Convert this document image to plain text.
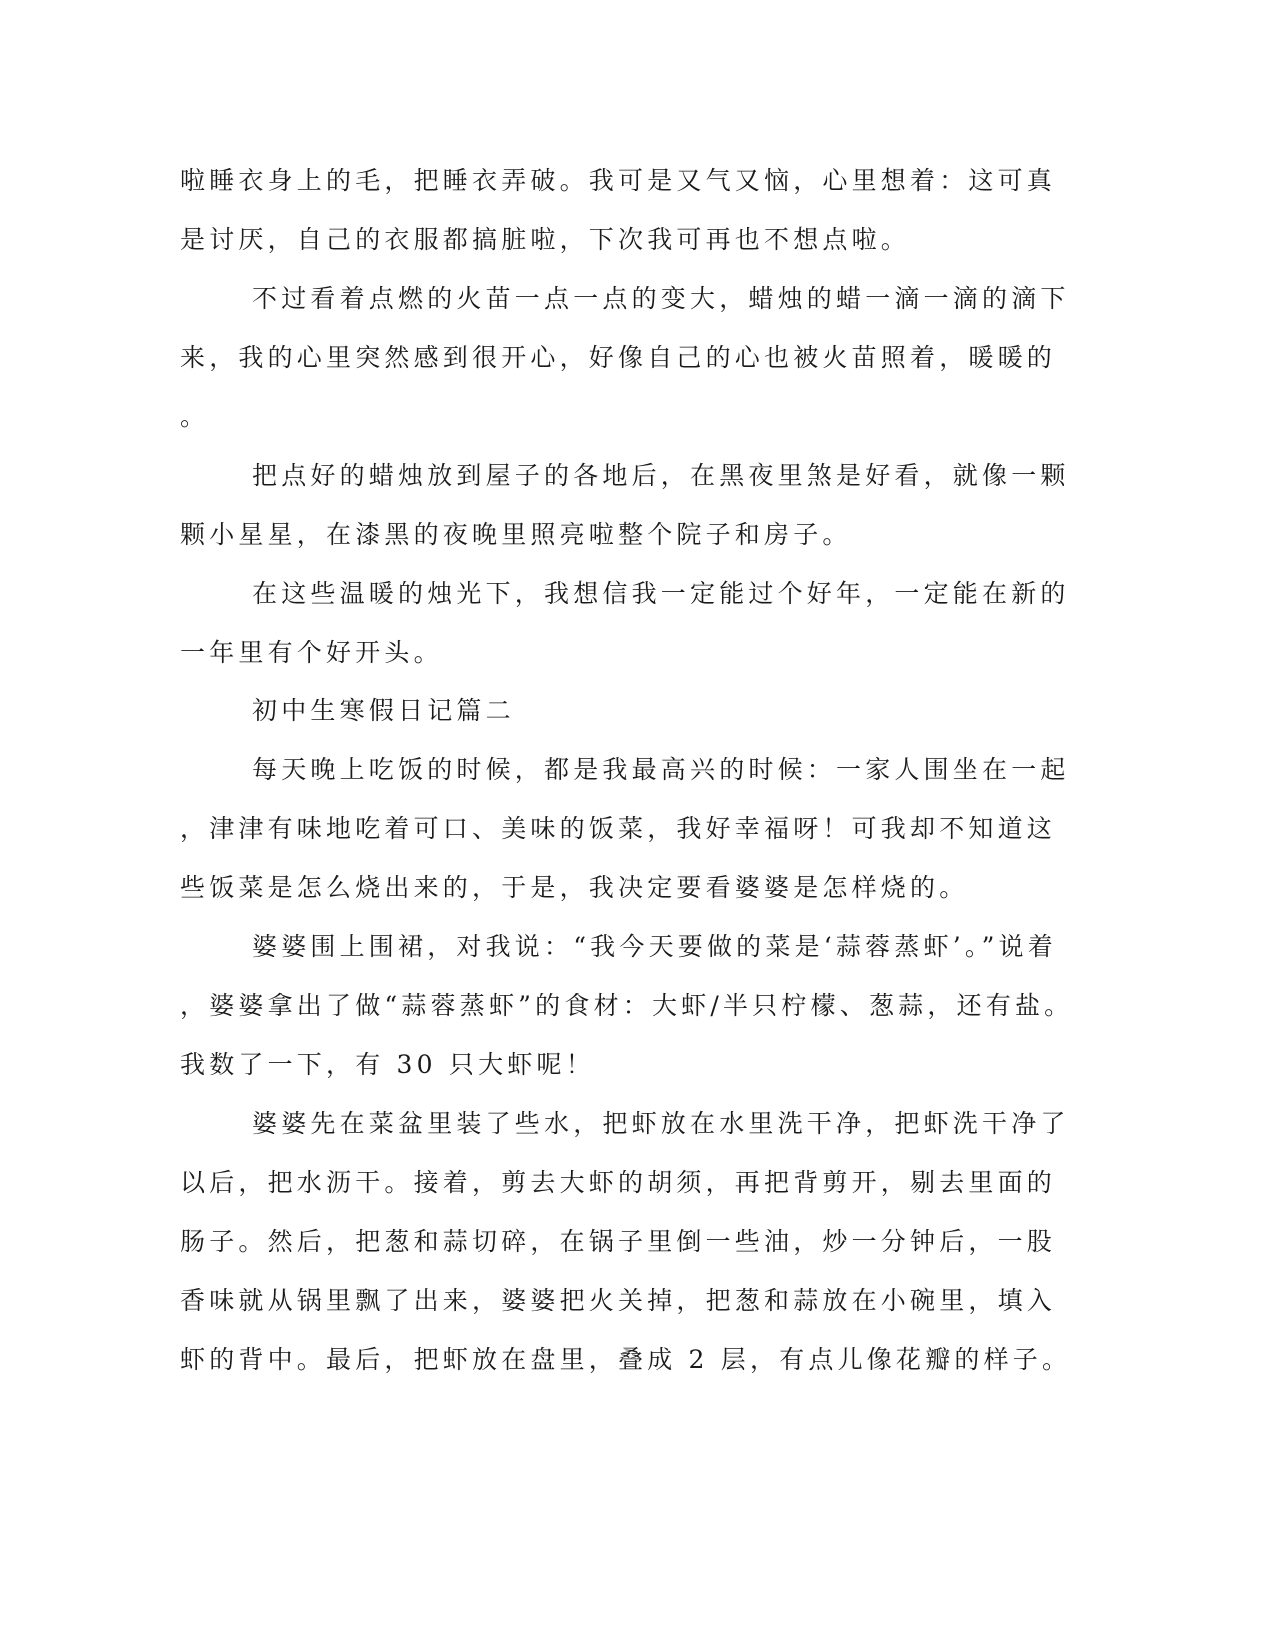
啦睡衣身上的毛，把睡衣弄破。我可是又气又恼，心里想着：这可真
是讨厌，自己的衣服都搞脏啦，下次我可再也不想点啦。
不过看着点燃的火苗一点一点的变大，蜡烛的蜡一滴一滴的滴下
来，我的心里突然感到很开心，好像自己的心也被火苗照着，暖暖的
。
把点好的蜡烛放到屋子的各地后，在黑夜里煞是好看，就像一颗
颗小星星，在漆黑的夜晚里照亮啦整个院子和房子。
在这些温暖的烛光下，我想信我一定能过个好年，一定能在新的
一年里有个好开头。
初中生寒假日记篇二
每天晚上吃饭的时候，都是我最高兴的时候：一家人围坐在一起
，津津有味地吃着可口、美味的饭菜，我好幸福呀！可我却不知道这
些饭菜是怎么烧出来的，于是，我决定要看婆婆是怎样烧的。
婆婆围上围裙，对我说：“我今天要做的菜是‘蒜蓉蒸虾’。”说着
，婆婆拿出了做“蒜蓉蒸虾”的食材：大虾/半只柠檬、葱蒜，还有盐。
我数了一下，有 30 只大虾呢！
婆婆先在菜盆里装了些水，把虾放在水里洗干净，把虾洗干净了
以后，把水沥干。接着，剪去大虾的胡须，再把背剪开，剔去里面的
肠子。然后，把葱和蒜切碎，在锅子里倒一些油，炒一分钟后，一股
香味就从锅里飘了出来，婆婆把火关掉，把葱和蒜放在小碗里，填入
虾的背中。最后，把虾放在盘里，叠成 2 层，有点儿像花瓣的样子。
